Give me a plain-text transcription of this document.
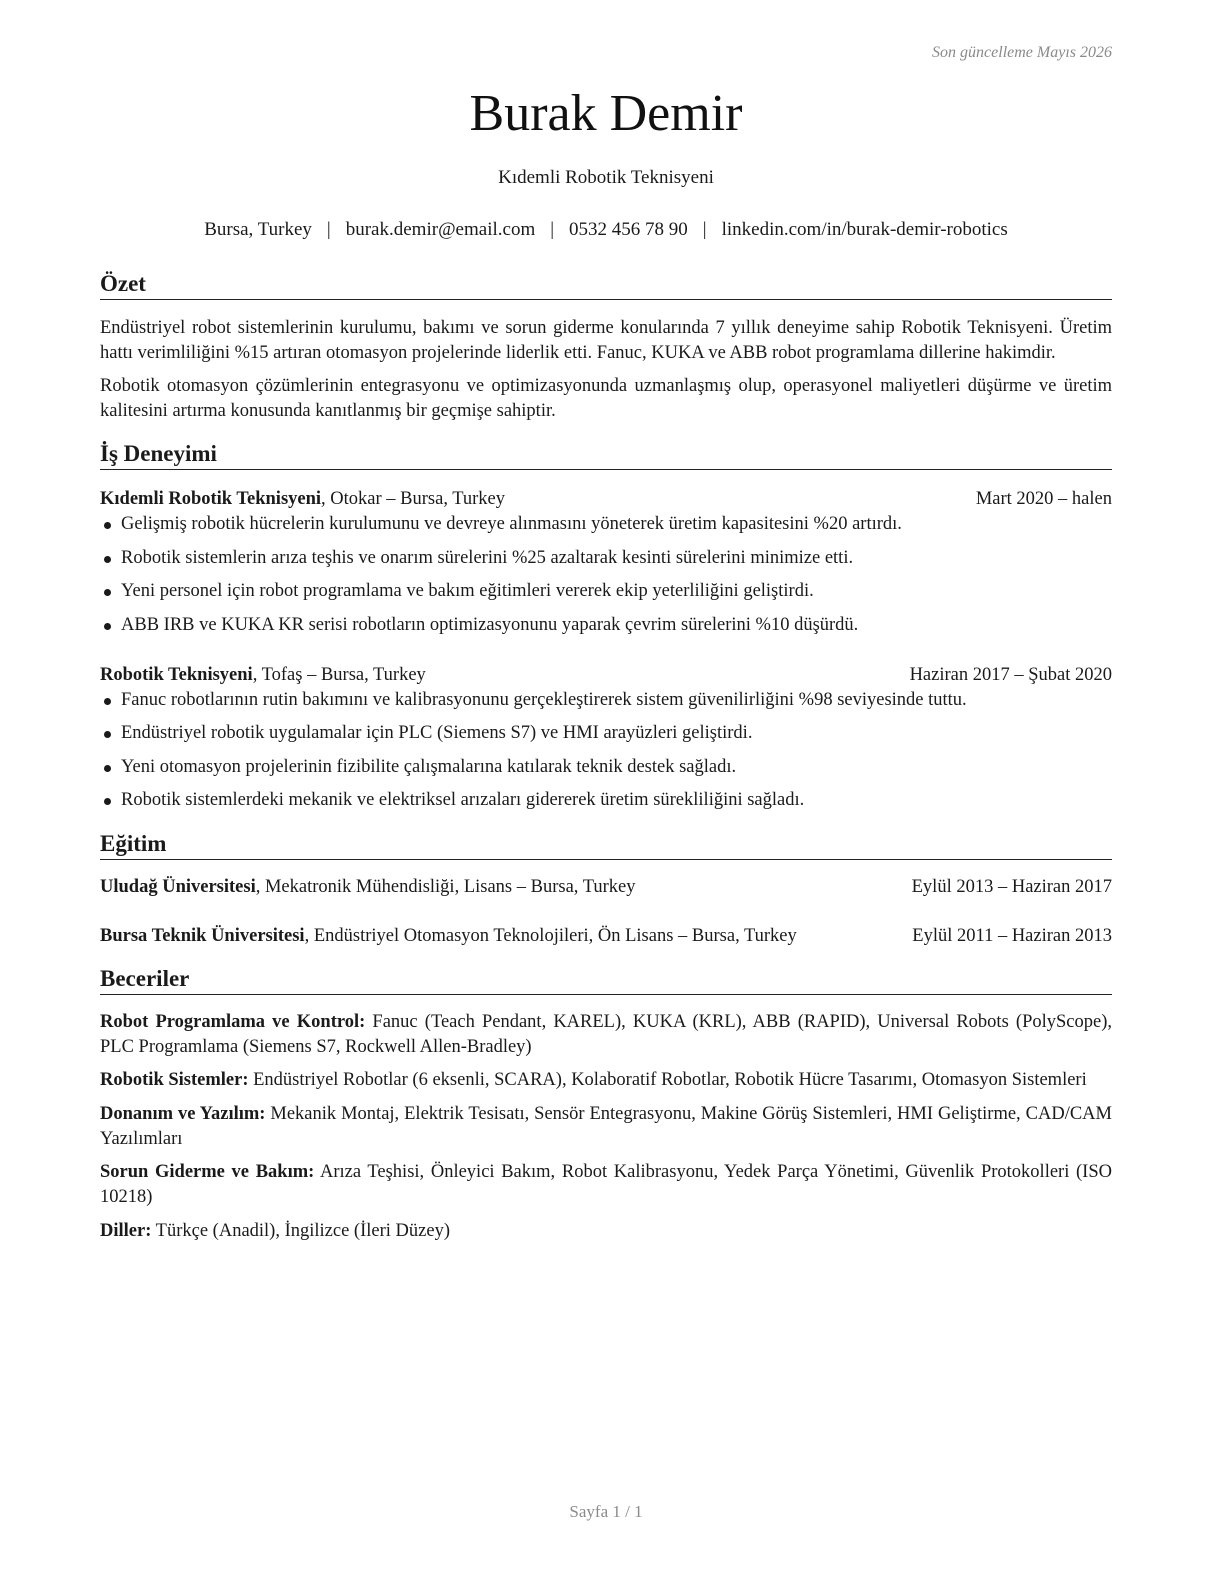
Son güncelleme Mayıs 2026
Burak Demir
Kıdemli Robotik Teknisyeni
Bursa, Turkey | burak.demir@email.com | 0532 456 78 90 | linkedin.com/in/burak-demir-robotics
Özet

Endüstriyel robot sistemlerinin kurulumu, bakımı ve sorun giderme konularında 7 yıllık deneyime sahip Robotik Teknisyeni. Üretim hattı verimliliğini %15 artıran otomasyon projelerinde liderlik etti. Fanuc, KUKA ve ABB robot programlama dillerine hakimdir.

Robotik otomasyon çözümlerinin entegrasyonu ve optimizasyonunda uzmanlaşmış olup, operasyonel maliyetleri düşürme ve üretim kalitesini artırma konusunda kanıtlanmış bir geçmişe sahiptir.

İş Deneyimi
Kıdemli Robotik Teknisyeni, Otokar – Bursa, Turkey	Mart 2020 – halen
Gelişmiş robotik hücrelerin kurulumunu ve devreye alınmasını yöneterek üretim kapasitesini %20 artırdı.
Robotik sistemlerin arıza teşhis ve onarım sürelerini %25 azaltarak kesinti sürelerini minimize etti.
Yeni personel için robot programlama ve bakım eğitimleri vererek ekip yeterliliğini geliştirdi.
ABB IRB ve KUKA KR serisi robotların optimizasyonunu yaparak çevrim sürelerini %10 düşürdü.
Robotik Teknisyeni, Tofaş – Bursa, Turkey	Haziran 2017 – Şubat 2020
Fanuc robotlarının rutin bakımını ve kalibrasyonunu gerçekleştirerek sistem güvenilirliğini %98 seviyesinde tuttu.
Endüstriyel robotik uygulamalar için PLC (Siemens S7) ve HMI arayüzleri geliştirdi.
Yeni otomasyon projelerinin fizibilite çalışmalarına katılarak teknik destek sağladı.
Robotik sistemlerdeki mekanik ve elektriksel arızaları gidererek üretim sürekliliğini sağladı.
Eğitim
Uludağ Üniversitesi, Mekatronik Mühendisliği, Lisans – Bursa, Turkey	Eylül 2013 – Haziran 2017
Bursa Teknik Üniversitesi, Endüstriyel Otomasyon Teknolojileri, Ön Lisans – Bursa, Turkey	Eylül 2011 – Haziran 2013
Beceriler

Robot Programlama ve Kontrol: Fanuc (Teach Pendant, KAREL), KUKA (KRL), ABB (RAPID), Universal Robots (PolyScope), PLC Programlama (Siemens S7, Rockwell Allen-Bradley)

Robotik Sistemler: Endüstriyel Robotlar (6 eksenli, SCARA), Kolaboratif Robotlar, Robotik Hücre Tasarımı, Otomasyon Sistemleri

Donanım ve Yazılım: Mekanik Montaj, Elektrik Tesisatı, Sensör Entegrasyonu, Makine Görüş Sistemleri, HMI Geliştirme, CAD/CAM Yazılımları

Sorun Giderme ve Bakım: Arıza Teşhisi, Önleyici Bakım, Robot Kalibrasyonu, Yedek Parça Yönetimi, Güvenlik Protokolleri (ISO 10218)

Diller: Türkçe (Anadil), İngilizce (İleri Düzey)

Sayfa 1 / 1
